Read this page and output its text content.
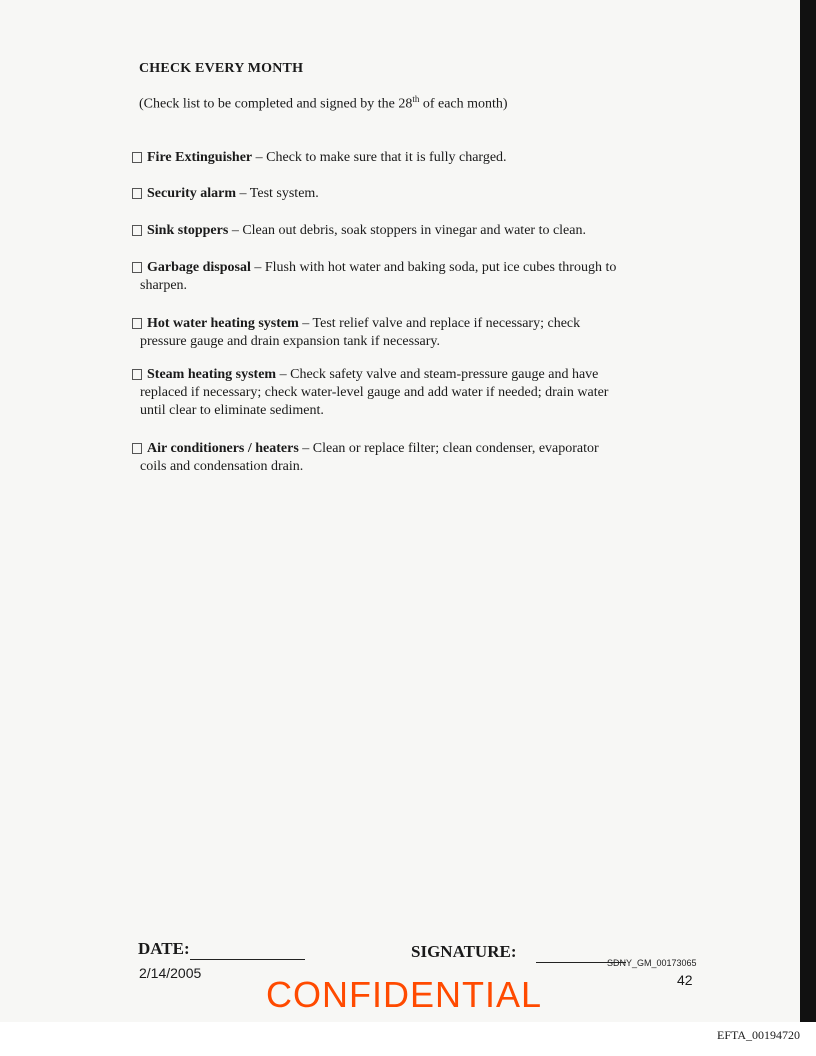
CHECK EVERY MONTH
(Check list to be completed and signed by the 28th of each month)
Fire Extinguisher – Check to make sure that it is fully charged.
Security alarm – Test system.
Sink stoppers – Clean out debris, soak stoppers in vinegar and water to clean.
Garbage disposal – Flush with hot water and baking soda, put ice cubes through to
sharpen.
Hot water heating system – Test relief valve and replace if necessary; check
pressure gauge and drain expansion tank if necessary.
Steam heating system – Check safety valve and steam-pressure gauge and have
replaced if necessary; check water-level gauge and add water if needed; drain water
until clear to eliminate sediment.
Air conditioners / heaters – Clean or replace filter; clean condenser, evaporator
coils and condensation drain.
DATE:	SIGNATURE:
SDNY_GM_00173065
42
2/14/2005
CONFIDENTIAL
EFTA_00194720
